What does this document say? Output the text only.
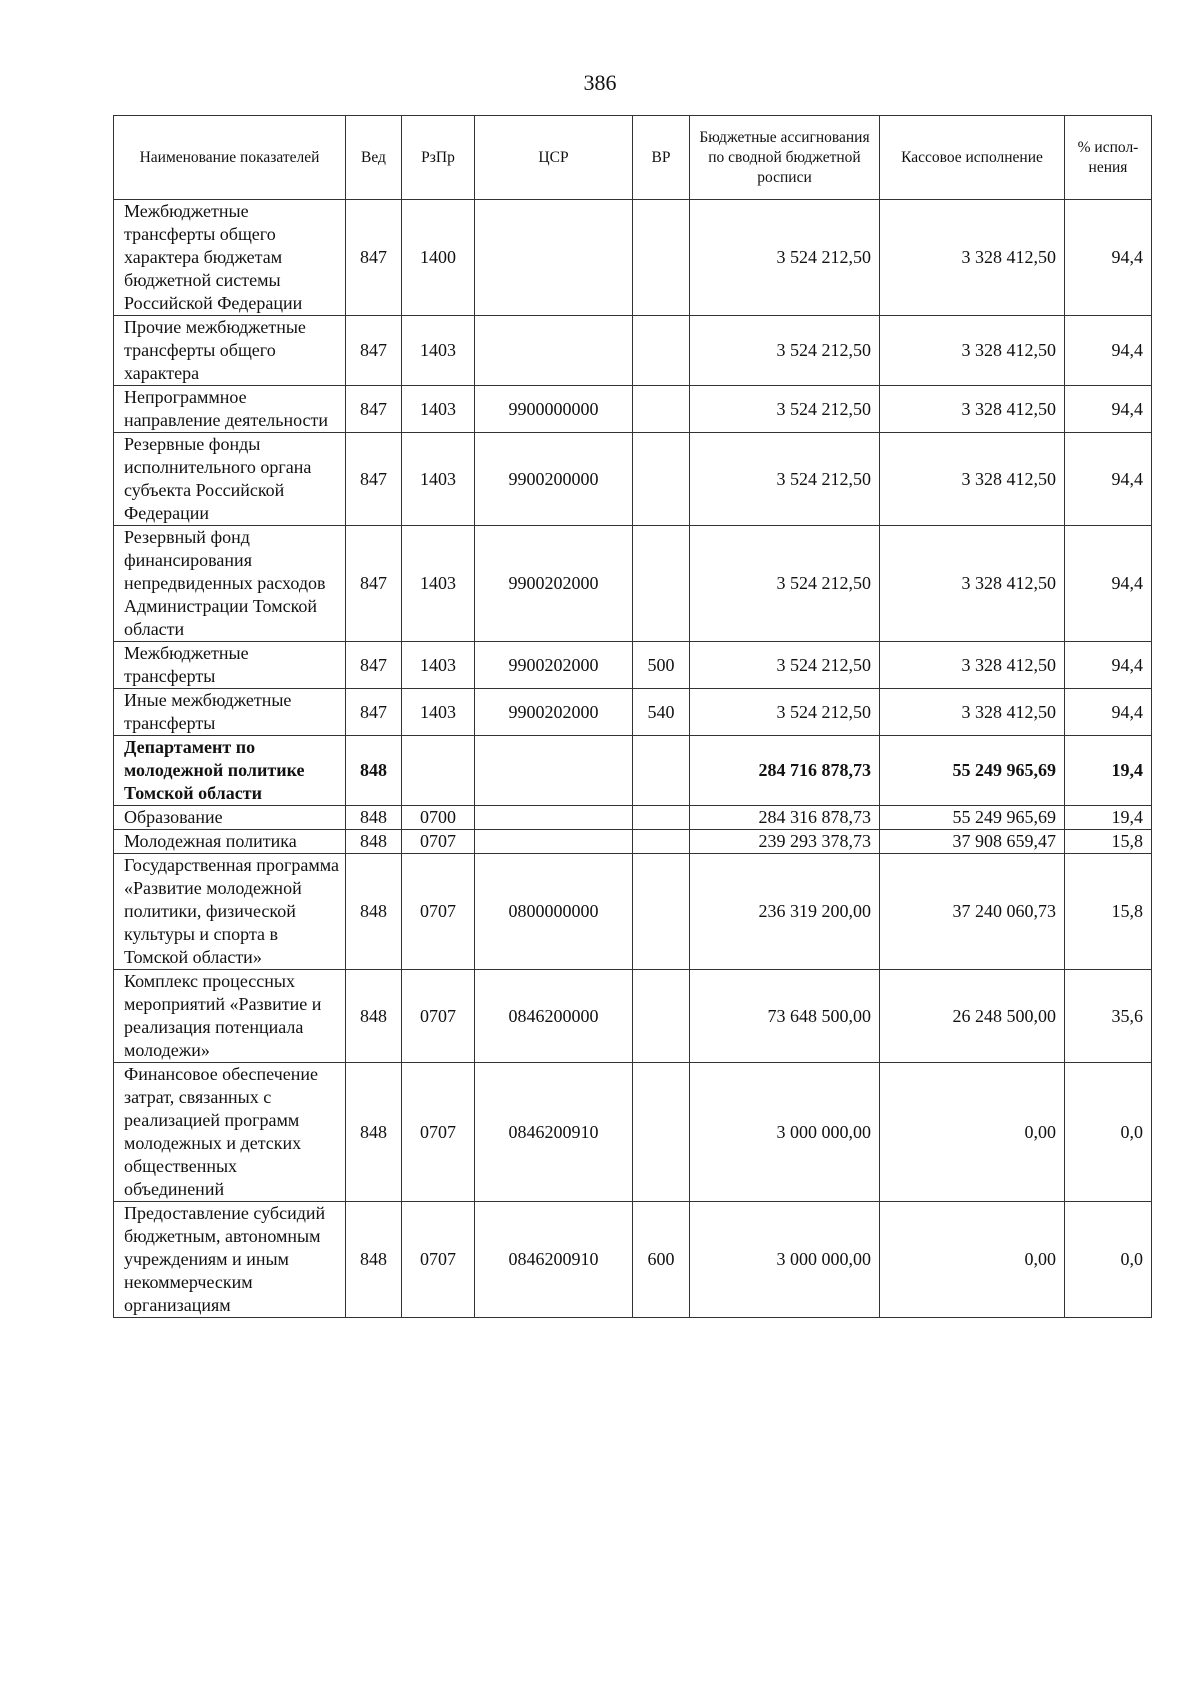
386
Наименование показателей	Вед	РзПр	ЦСР	ВР	Бюджетные ассигнования по сводной бюджетной росписи	Кассовое исполнение	% испол-нения
Межбюджетные трансферты общего характера бюджетам бюджетной системы Российской Федерации	847	1400			3 524 212,50	3 328 412,50	94,4
Прочие межбюджетные трансферты общего характера	847	1403			3 524 212,50	3 328 412,50	94,4
Непрограммное направление деятельности	847	1403	9900000000		3 524 212,50	3 328 412,50	94,4
Резервные фонды исполнительного органа субъекта Российской Федерации	847	1403	9900200000		3 524 212,50	3 328 412,50	94,4
Резервный фонд финансирования непредвиденных расходов Администрации Томской области	847	1403	9900202000		3 524 212,50	3 328 412,50	94,4
Межбюджетные трансферты	847	1403	9900202000	500	3 524 212,50	3 328 412,50	94,4
Иные межбюджетные трансферты	847	1403	9900202000	540	3 524 212,50	3 328 412,50	94,4
Департамент по молодежной политике Томской области	848				284 716 878,73	55 249 965,69	19,4
Образование	848	0700			284 316 878,73	55 249 965,69	19,4
Молодежная политика	848	0707			239 293 378,73	37 908 659,47	15,8
Государственная программа «Развитие молодежной политики, физической культуры и спорта в Томской области»	848	0707	0800000000		236 319 200,00	37 240 060,73	15,8
Комплекс процессных мероприятий «Развитие и реализация потенциала молодежи»	848	0707	0846200000		73 648 500,00	26 248 500,00	35,6
Финансовое обеспечение затрат, связанных с реализацией программ молодежных и детских общественных объединений	848	0707	0846200910		3 000 000,00	0,00	0,0
Предоставление субсидий бюджетным, автономным учреждениям и иным некоммерческим организациям	848	0707	0846200910	600	3 000 000,00	0,00	0,0
